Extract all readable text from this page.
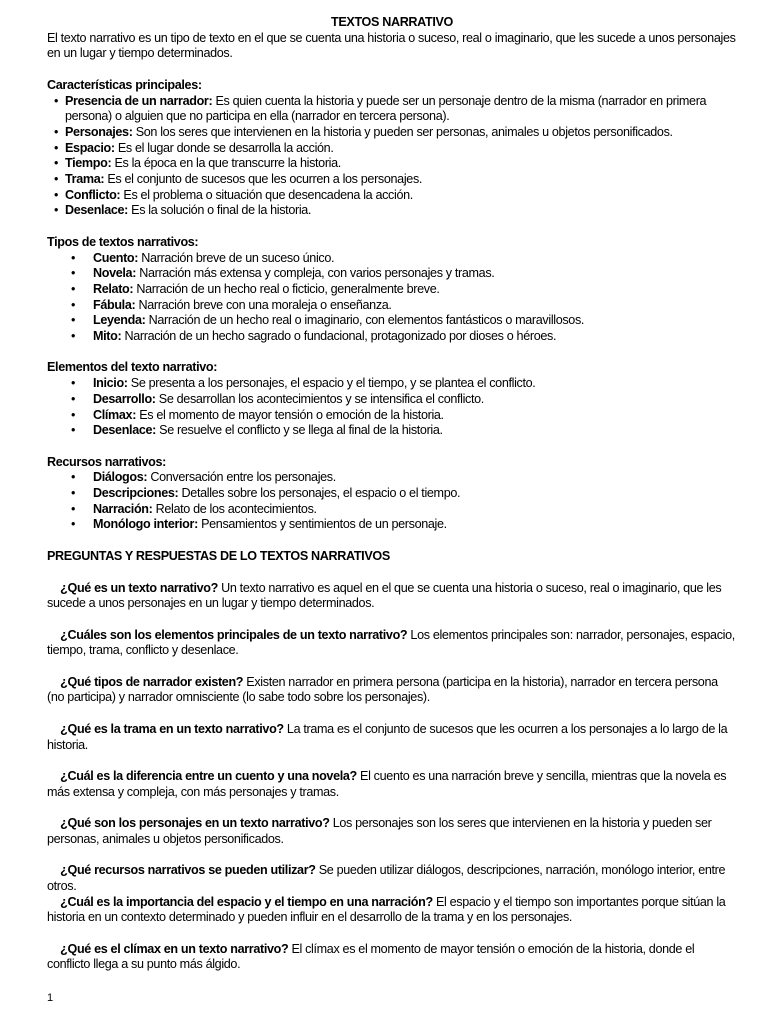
TEXTOS NARRATIVO

El texto narrativo es un tipo de texto en el que se cuenta una historia o suceso, real o imaginario, que les sucede a unos personajes en un lugar y tiempo determinados.

Características principales:
• Presencia de un narrador: Es quien cuenta la historia y puede ser un personaje dentro de la misma (narrador en primera persona) o alguien que no participa en ella (narrador en tercera persona).
• Personajes: Son los seres que intervienen en la historia y pueden ser personas, animales u objetos personificados.
• Espacio: Es el lugar donde se desarrolla la acción.
• Tiempo: Es la época en la que transcurre la historia.
• Trama: Es el conjunto de sucesos que les ocurren a los personajes.
• Conflicto: Es el problema o situación que desencadena la acción.
• Desenlace: Es la solución o final de la historia.
Tipos de textos narrativos:
• Cuento: Narración breve de un suceso único.
• Novela: Narración más extensa y compleja, con varios personajes y tramas.
• Relato: Narración de un hecho real o ficticio, generalmente breve.
• Fábula: Narración breve con una moraleja o enseñanza.
• Leyenda: Narración de un hecho real o imaginario, con elementos fantásticos o maravillosos.
• Mito: Narración de un hecho sagrado o fundacional, protagonizado por dioses o héroes.
Elementos del texto narrativo:
• Inicio: Se presenta a los personajes, el espacio y el tiempo, y se plantea el conflicto.
• Desarrollo: Se desarrollan los acontecimientos y se intensifica el conflicto.
• Clímax: Es el momento de mayor tensión o emoción de la historia.
• Desenlace: Se resuelve el conflicto y se llega al final de la historia.
Recursos narrativos:
• Diálogos: Conversación entre los personajes.
• Descripciones: Detalles sobre los personajes, el espacio o el tiempo.
• Narración: Relato de los acontecimientos.
• Monólogo interior: Pensamientos y sentimientos de un personaje.
PREGUNTAS Y RESPUESTAS DE LO TEXTOS NARRATIVOS

¿Qué es un texto narrativo? Un texto narrativo es aquel en el que se cuenta una historia o suceso, real o imaginario, que les sucede a unos personajes en un lugar y tiempo determinados.

¿Cuáles son los elementos principales de un texto narrativo? Los elementos principales son: narrador, personajes, espacio, tiempo, trama, conflicto y desenlace.

¿Qué tipos de narrador existen? Existen narrador en primera persona (participa en la historia), narrador en tercera persona (no participa) y narrador omnisciente (lo sabe todo sobre los personajes).

¿Qué es la trama en un texto narrativo? La trama es el conjunto de sucesos que les ocurren a los personajes a lo largo de la historia.

¿Cuál es la diferencia entre un cuento y una novela? El cuento es una narración breve y sencilla, mientras que la novela es más extensa y compleja, con más personajes y tramas.

¿Qué son los personajes en un texto narrativo? Los personajes son los seres que intervienen en la historia y pueden ser personas, animales u objetos personificados.

¿Qué recursos narrativos se pueden utilizar? Se pueden utilizar diálogos, descripciones, narración, monólogo interior, entre otros.

¿Cuál es la importancia del espacio y el tiempo en una narración? El espacio y el tiempo son importantes porque sitúan la historia en un contexto determinado y pueden influir en el desarrollo de la trama y en los personajes.

¿Qué es el clímax en un texto narrativo? El clímax es el momento de mayor tensión o emoción de la historia, donde el conflicto llega a su punto más álgido.

1
